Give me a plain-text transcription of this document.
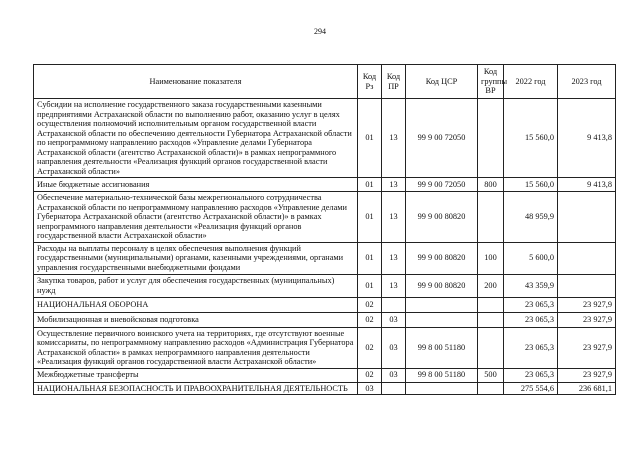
294
Наименование показателя	Код Рз	Код ПР	Код ЦСР	Код группы ВР	2022 год	2023 год
Субсидии на исполнение государственного заказа государственными казенными предприятиями Астраханской области по выполнению работ, оказанию услуг в целях осуществления полномочий исполнительным органом государственной власти Астраханской области по обеспечению деятельности Губернатора Астраханской области по непрограммному направлению расходов «Управление делами Губернатора Астраханской области (агентство Астраханской области)» в рамках непрограммного направления деятельности «Реализация функций органов государственной власти Астраханской области»	01	13	99 9 00 72050		15 560,0	9 413,8
Иные бюджетные ассигнования	01	13	99 9 00 72050	800	15 560,0	9 413,8
Обеспечение материально-технической базы межрегионального сотрудничества Астраханской области по непрограммному направлению расходов «Управление делами Губернатора Астраханской области (агентство Астраханской области)» в рамках непрограммного направления деятельности «Реализация функций органов государственной власти Астраханской области»	01	13	99 9 00 80820		48 959,9	
Расходы на выплаты персоналу в целях обеспечения выполнения функций государственными (муниципальными) органами, казенными учреждениями, органами управления государственными внебюджетными фондами	01	13	99 9 00 80820	100	5 600,0	
Закупка товаров, работ и услуг для обеспечения государственных (муниципальных) нужд	01	13	99 9 00 80820	200	43 359,9	
НАЦИОНАЛЬНАЯ ОБОРОНА	02				23 065,3	23 927,9
Мобилизационная и вневойсковая подготовка	02	03			23 065,3	23 927,9
Осуществление первичного воинского учета на территориях, где отсутствуют военные комиссариаты, по непрограммному направлению расходов «Администрация Губернатора Астраханской области» в рамках непрограммного направления деятельности «Реализация функций органов государственной власти Астраханской области»	02	03	99 8 00 51180		23 065,3	23 927,9
Межбюджетные трансферты	02	03	99 8 00 51180	500	23 065,3	23 927,9
НАЦИОНАЛЬНАЯ БЕЗОПАСНОСТЬ И ПРАВООХРАНИТЕЛЬНАЯ ДЕЯТЕЛЬНОСТЬ	03				275 554,6	236 681,1
